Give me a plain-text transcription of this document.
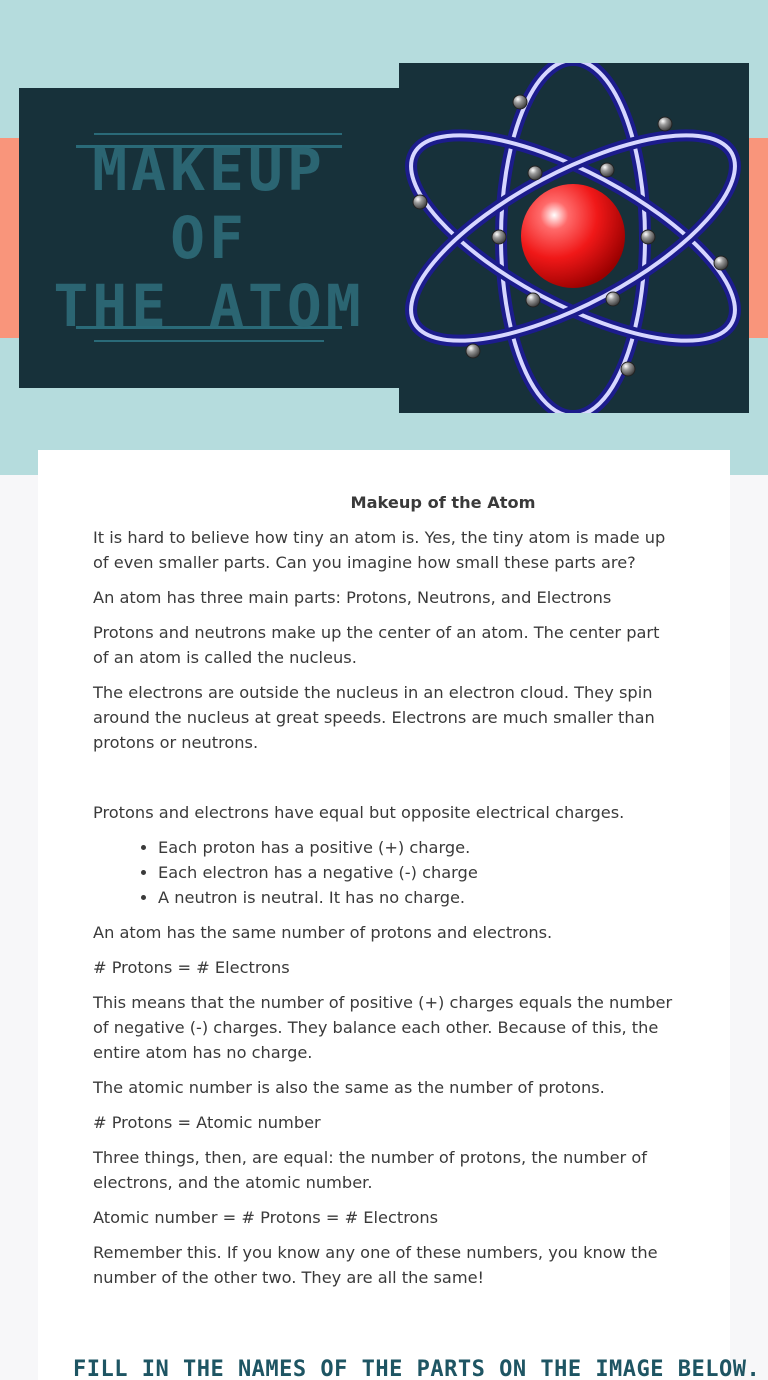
MAKEUP OF
THE ATOM

Makeup of the Atom

It is hard to believe how tiny an atom is. Yes, the tiny atom is made up of even smaller parts. Can you imagine how small these parts are?

An atom has three main parts: Protons, Neutrons, and Electrons

Protons and neutrons make up the center of an atom. The center part of an atom is called the nucleus.

The electrons are outside the nucleus in an electron cloud. They spin around the nucleus at great speeds. Electrons are much smaller than protons or neutrons.

Protons and electrons have equal but opposite electrical charges.

• Each proton has a positive (+) charge.
• Each electron has a negative (-) charge
• A neutron is neutral. It has no charge.

An atom has the same number of protons and electrons.

# Protons = # Electrons

This means that the number of positive (+) charges equals the number of negative (-) charges. They balance each other. Because of this, the entire atom has no charge.

The atomic number is also the same as the number of protons.

# Protons = Atomic number

Three things, then, are equal: the number of protons, the number of electrons, and the atomic number.

Atomic number = # Protons = # Electrons

Remember this. If you know any one of these numbers, you know the number of the other two. They are all the same!

FILL IN THE NAMES OF THE PARTS ON THE IMAGE BELOW.
